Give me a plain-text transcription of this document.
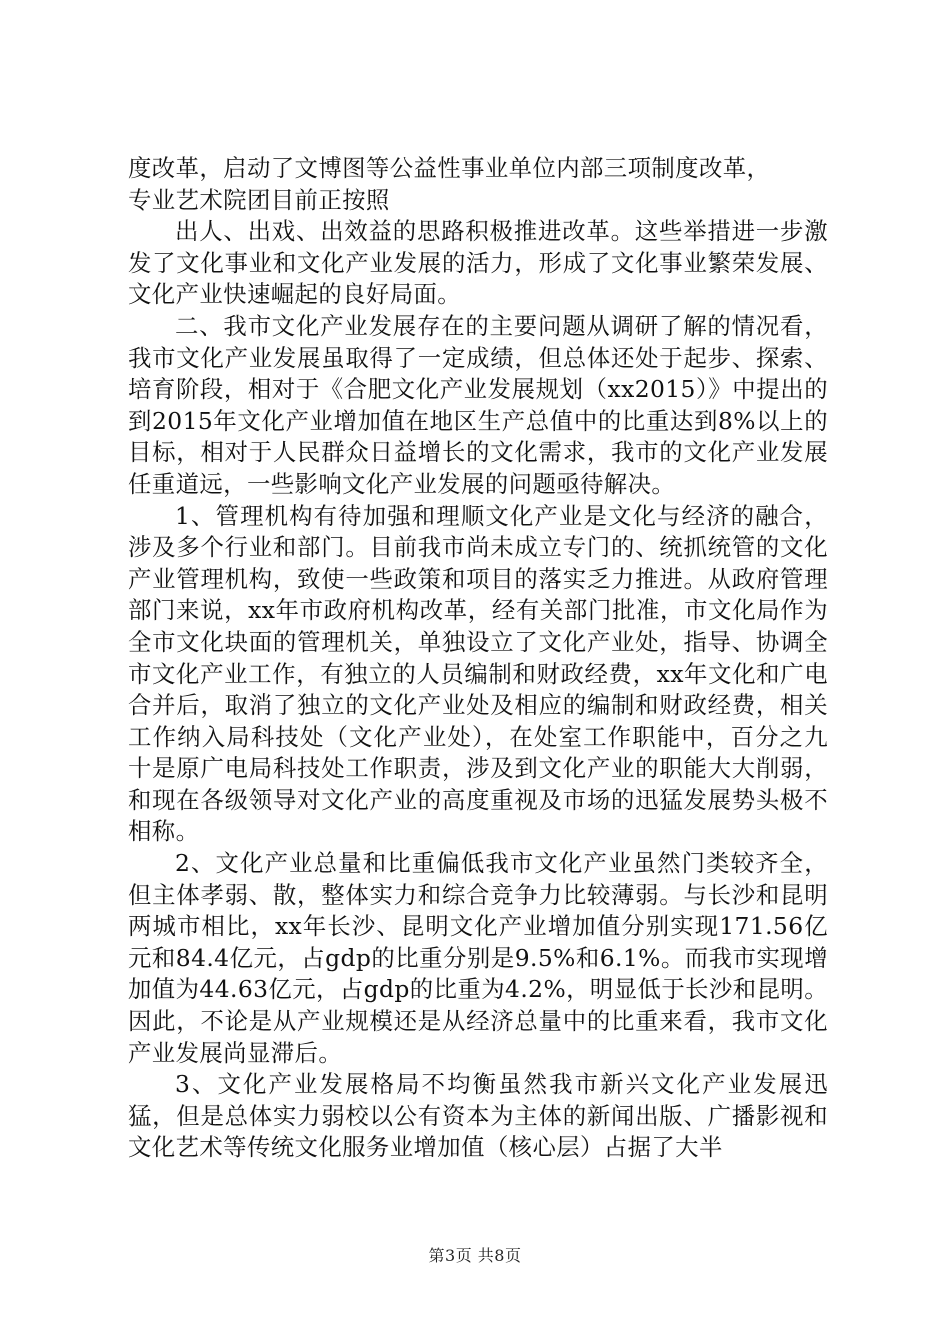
度改革，启动了文博图等公益性事业单位内部三项制度改革，
专业艺术院团目前正按照

出人、出戏、出效益的思路积极推进改革。这些举措进一步激发了文化事业和文化产业发展的活力，形成了文化事业繁荣发展、文化产业快速崛起的良好局面。

二、我市文化产业发展存在的主要问题从调研了解的情况看，我市文化产业发展虽取得了一定成绩，但总体还处于起步、探索、培育阶段，相对于《合肥文化产业发展规划（xx2015）》中提出的到2015年文化产业增加值在地区生产总值中的比重达到8%以上的目标，相对于人民群众日益增长的文化需求，我市的文化产业发展任重道远，一些影响文化产业发展的问题亟待解决。

1、管理机构有待加强和理顺文化产业是文化与经济的融合，涉及多个行业和部门。目前我市尚未成立专门的、统抓统管的文化产业管理机构，致使一些政策和项目的落实乏力推进。从政府管理部门来说，xx年市政府机构改革，经有关部门批准，市文化局作为全市文化块面的管理机关，单独设立了文化产业处，指导、协调全市文化产业工作，有独立的人员编制和财政经费，xx年文化和广电合并后，取消了独立的文化产业处及相应的编制和财政经费，相关工作纳入局科技处（文化产业处），在处室工作职能中，百分之九十是原广电局科技处工作职责，涉及到文化产业的职能大大削弱，和现在各级领导对文化产业的高度重视及市场的迅猛发展势头极不相称。

2、文化产业总量和比重偏低我市文化产业虽然门类较齐全，但主体孝弱、散，整体实力和综合竞争力比较薄弱。与长沙和昆明两城市相比，xx年长沙、昆明文化产业增加值分别实现171.56亿元和84.4亿元，占gdp的比重分别是9.5%和6.1%。而我市实现增加值为44.63亿元，占gdp的比重为4.2%，明显低于长沙和昆明。因此，不论是从产业规模还是从经济总量中的比重来看，我市文化产业发展尚显滞后。

3、文化产业发展格局不均衡虽然我市新兴文化产业发展迅猛，但是总体实力弱校以公有资本为主体的新闻出版、广播影视和文化艺术等传统文化服务业增加值（核心层）占据了大半

第3页 共8页
